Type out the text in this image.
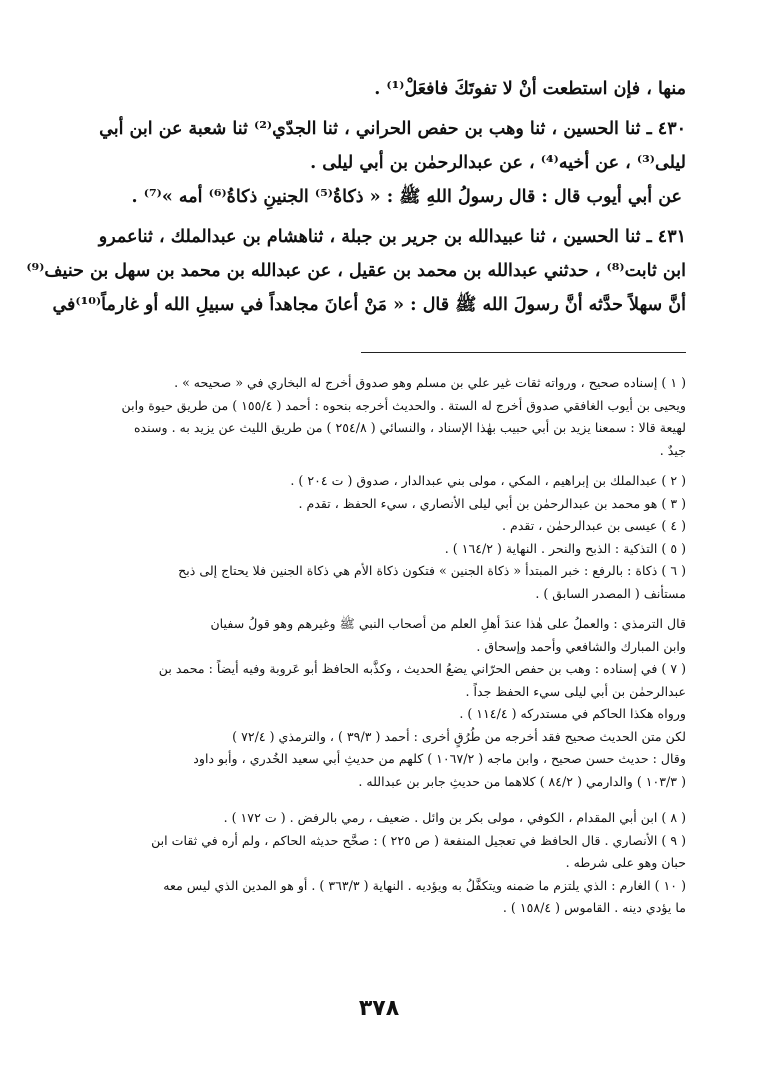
منها ، فإن استطعت أنْ لا تفوتَكَ فافعَلْ⁽¹⁾ .

٤٣٠ ـ ثنا الحسين ، ثنا وهب بن حفص الحراني ، ثنا الجدّي⁽²⁾ ثنا شعبة عن ابن أبي

ليلى⁽³⁾ ، عن أخيه⁽⁴⁾ ، عن عبدالرحمٰن بن أبي ليلى .

عن أبي أيوب قال : قال رسولُ اللهِ ﷺ : « ذكاةُ⁽⁵⁾ الجنينِ ذكاةُ⁽⁶⁾ أمه »⁽⁷⁾ .

٤٣١ ـ ثنا الحسين ، ثنا عبيدالله بن جرير بن جبلة ، ثناهشام بن عبدالملك ، ثناعمرو

ابن ثابت⁽⁸⁾ ، حدثني عبدالله بن محمد بن عقيل ، عن عبدالله بن محمد بن سهل بن حنيف⁽⁹⁾

أنَّ سهلاً حدَّثه أنَّ رسولَ الله ﷺ قال : « مَنْ أعانَ مجاهداً في سبيلِ الله أو غارماً⁽¹⁰⁾في

( ١ ) إسناده صحيح ، ورواته ثقات غير علي بن مسلم وهو صدوق أخرج له البخاري في « صحيحه » .

ويحيى بن أيوب الغافقي صدوق أخرج له الستة . والحديث أخرجه بنحوه : أحمد ( ١٥٥/٤ ) من طريق حيوة وابن

لهيعة قالا : سمعنا يزيد بن أبي حبيب بهٰذا الإسناد ، والنسائي ( ٢٥٤/٨ ) من طريق الليث عن يزيد به . وسنده

جيدٌ .

( ٢ ) عبدالملك بن إبراهيم ، المكي ، مولى بني عبدالدار ، صدوق ( ت ٢٠٤ ) .

( ٣ ) هو محمد بن عبدالرحمٰن بن أبي ليلى الأنصاري ، سيء الحفظ ، تقدم .

( ٤ ) عيسى بن عبدالرحمٰن ، تقدم .

( ٥ ) التذكية : الذبح والنحر . النهاية ( ١٦٤/٢ ) .

( ٦ ) ذكاة : بالرفع : خبر المبتدأ « ذكاة الجنين » فتكون ذكاة الأم هي ذكاة الجنين فلا يحتاج إلى ذبح

مستأنف ( المصدر السابق ) .

قال الترمذي : والعملُ على هٰذا عندَ أهلِ العلم من أصحاب النبي ﷺ وغيرهم وهو قولُ سفيان

وابن المبارك والشافعي وأحمد وإسحاق .

( ٧ ) في إسناده : وهب بن حفص الحرّاني يضعُ الحديث ، وكذَّبه الحافظ أبو عَروبة وفيه أيضاً : محمد بن

عبدالرحمٰن بن أبي ليلى سيء الحفظ جداً .

ورواه هكذا الحاكم في مستدركه ( ١١٤/٤ ) .

لكن متن الحديث صحيح فقد أخرجه من طُرُقٍ أخرى : أحمد ( ٣٩/٣ ) ، والترمذي ( ٧٢/٤ )

وقال : حديث حسن صحيح ، وابن ماجه ( ١٠٦٧/٢ ) كلهم من حديثِ أبي سعيد الخُدري ، وأبو داود

( ١٠٣/٣ ) والدارمي ( ٨٤/٢ ) كلاهما من حديثِ جابر بن عبدالله .

( ٨ ) ابن أبي المقدام ، الكوفي ، مولى بكر بن وائل . ضعيف ، رمي بالرفض . ( ت ١٧٢ ) .

( ٩ ) الأنصاري . قال الحافظ في تعجيل المنفعة ( ص ٢٢٥ ) : صحَّح حديثه الحاكم ، ولم أره في ثقات ابن

حبان وهو على شرطه .

( ١٠ ) الغارم : الذي يلتزم ما ضمنه ويتكفَّلُ به ويؤديه . النهاية ( ٣٦٣/٣ ) . أو هو المدين الذي ليس معه

ما يؤدي دينه . القاموس ( ١٥٨/٤ ) .

٣٧٨
